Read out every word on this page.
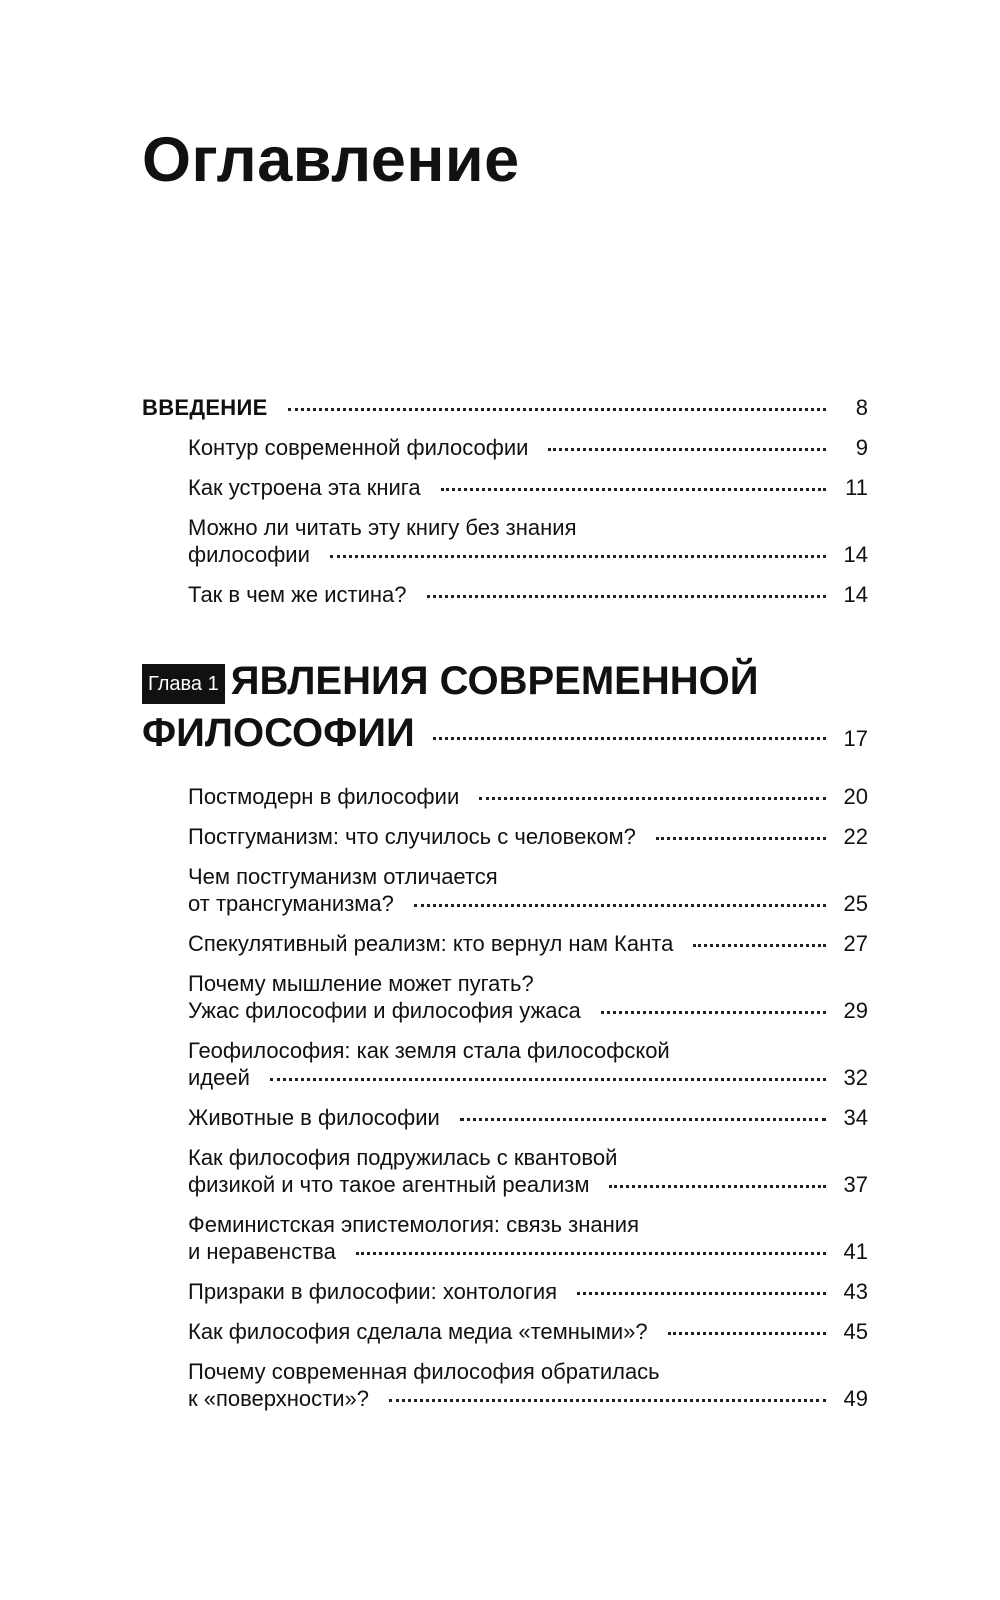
Оглавление
ВВЕДЕНИЕ	8
Контур современной философии	9
Как устроена эта книга	11
Можно ли читать эту книгу без знания
философии	14
Так в чем же истина?	14
Глава 1 ЯВЛЕНИЯ СОВРЕМЕННОЙ
ФИЛОСОФИИ	17
Постмодерн в философии	20
Постгуманизм: что случилось с человеком?	22
Чем постгуманизм отличается
от трансгуманизма?	25
Спекулятивный реализм: кто вернул нам Канта	27
Почему мышление может пугать?
Ужас философии и философия ужаса	29
Геофилософия: как земля стала философской
идеей	32
Животные в философии	34
Как философия подружилась с квантовой
физикой и что такое агентный реализм	37
Феминистская эпистемология: связь знания
и неравенства	41
Призраки в философии: хонтология	43
Как философия сделала медиа «темными»?	45
Почему современная философия обратилась
к «поверхности»?	49
